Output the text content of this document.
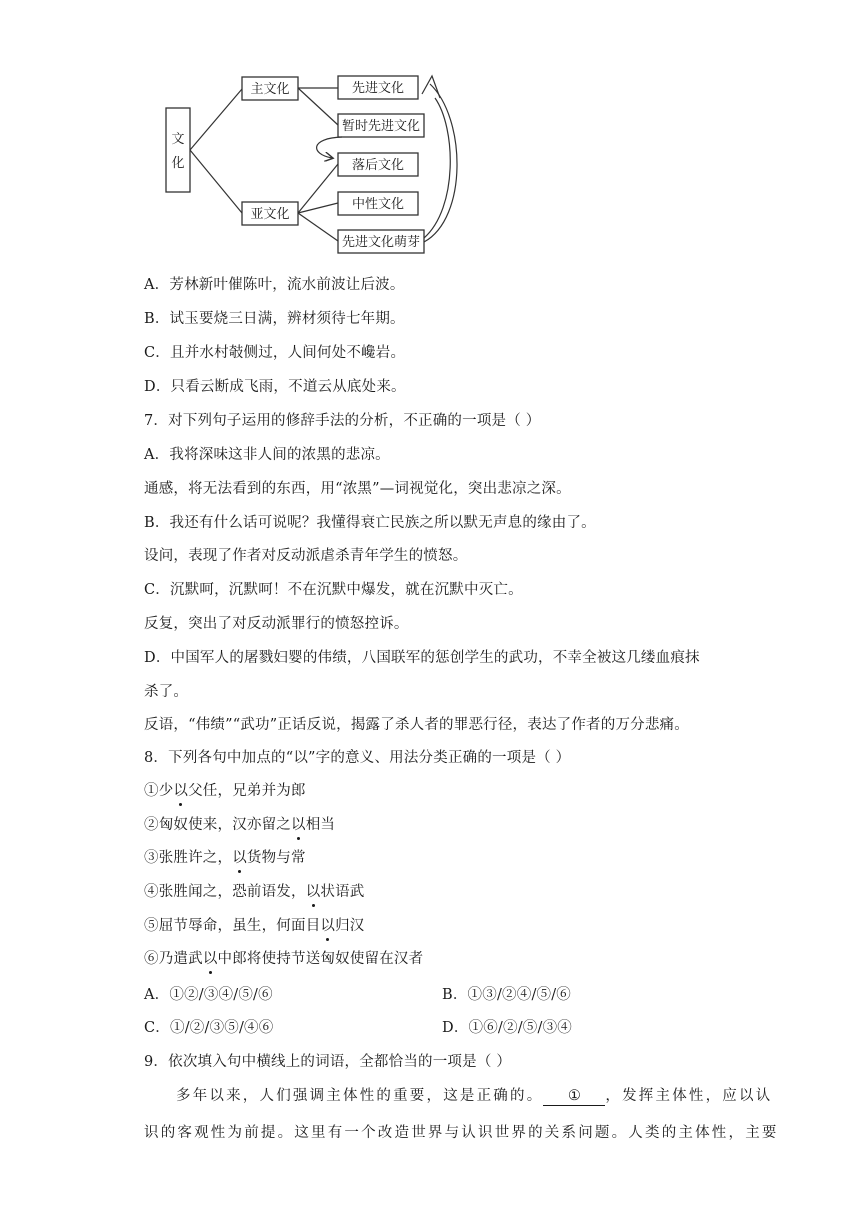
文
化
主文化
亚文化
先进文化
暂时先进文化
落后文化
中性文化
先进文化萌芽
A．芳林新叶催陈叶，流水前波让后波。
B．试玉要烧三日满，辨材须待七年期。
C．且并水村攲侧过，人间何处不巉岩。
D．只看云断成飞雨，不道云从底处来。
7．对下列句子运用的修辞手法的分析，不正确的一项是（ ）
A．我将深味这非人间的浓黑的悲凉。
通感，将无法看到的东西，用“浓黑”—词视觉化，突出悲凉之深。
B．我还有什么话可说呢？我懂得衰亡民族之所以默无声息的缘由了。
设问，表现了作者对反动派虐杀青年学生的愤怒。
C．沉默呵，沉默呵！不在沉默中爆发，就在沉默中灭亡。
反复，突出了对反动派罪行的愤怒控诉。
D．中国军人的屠戮妇婴的伟绩，八国联军的惩创学生的武功，不幸全被这几缕血痕抹
杀了。
反语，“伟绩”“武功”正话反说，揭露了杀人者的罪恶行径，表达了作者的万分悲痛。
8．下列各句中加点的“以”字的意义、用法分类正确的一项是（ ）
①少以父任，兄弟并为郎
②匈奴使来，汉亦留之以相当
③张胜许之，以货物与常
④张胜闻之，恐前语发，以状语武
⑤屈节辱命，虽生，何面目以归汉
⑥乃遣武以中郎将使持节送匈奴使留在汉者
A．①②/③④/⑤/⑥	B．①③/②④/⑤/⑥
C．①/②/③⑤/④⑥	D．①⑥/②/⑤/③④
9．依次填入句中横线上的词语，全都恰当的一项是（ ）
多年以来，人们强调主体性的重要，这是正确的。 ① ，发挥主体性，应以认
识的客观性为前提。这里有一个改造世界与认识世界的关系问题。人类的主体性，主要
